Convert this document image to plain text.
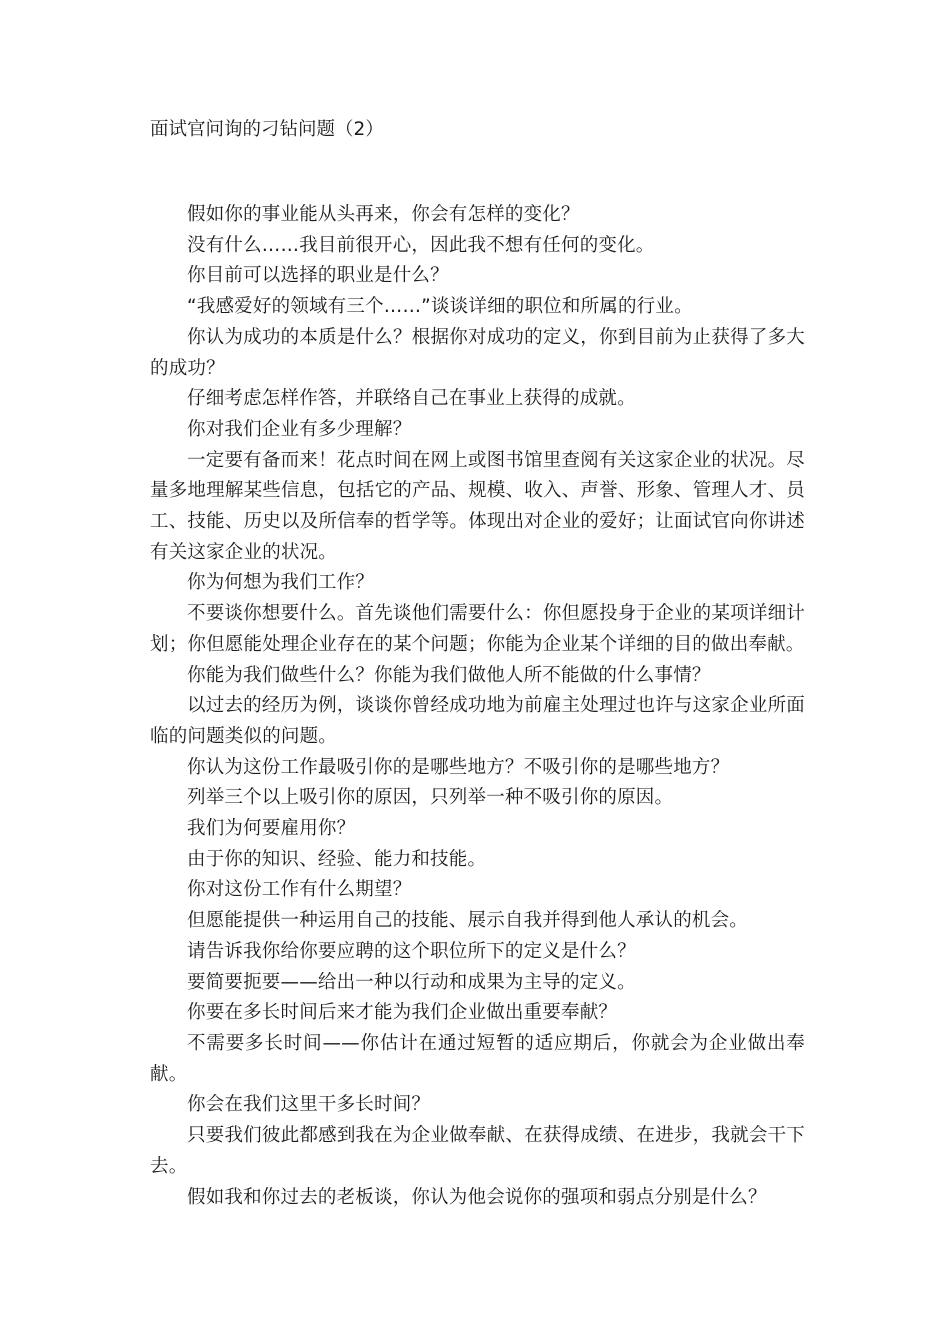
面试官问询的刁钻问题（2）

假如你的事业能从头再来，你会有怎样的变化？

没有什么……我目前很开心，因此我不想有任何的变化。

你目前可以选择的职业是什么？

“我感爱好的领域有三个……”谈谈详细的职位和所属的行业。

你认为成功的本质是什么？根据你对成功的定义，你到目前为止获得了多大的成功？

仔细考虑怎样作答，并联络自己在事业上获得的成就。

你对我们企业有多少理解？

一定要有备而来！花点时间在网上或图书馆里查阅有关这家企业的状况。尽量多地理解某些信息，包括它的产品、规模、收入、声誉、形象、管理人才、员工、技能、历史以及所信奉的哲学等。体现出对企业的爱好；让面试官向你讲述有关这家企业的状况。

你为何想为我们工作？

不要谈你想要什么。首先谈他们需要什么：你但愿投身于企业的某项详细计划；你但愿能处理企业存在的某个问题；你能为企业某个详细的目的做出奉献。

你能为我们做些什么？你能为我们做他人所不能做的什么事情？

以过去的经历为例，谈谈你曾经成功地为前雇主处理过也许与这家企业所面临的问题类似的问题。

你认为这份工作最吸引你的是哪些地方？不吸引你的是哪些地方？

列举三个以上吸引你的原因，只列举一种不吸引你的原因。

我们为何要雇用你？

由于你的知识、经验、能力和技能。

你对这份工作有什么期望？

但愿能提供一种运用自己的技能、展示自我并得到他人承认的机会。

请告诉我你给你要应聘的这个职位所下的定义是什么？

要简要扼要——给出一种以行动和成果为主导的定义。

你要在多长时间后来才能为我们企业做出重要奉献？

不需要多长时间——你估计在通过短暂的适应期后，你就会为企业做出奉献。

你会在我们这里干多长时间？

只要我们彼此都感到我在为企业做奉献、在获得成绩、在进步，我就会干下去。

假如我和你过去的老板谈，你认为他会说你的强项和弱点分别是什么？
